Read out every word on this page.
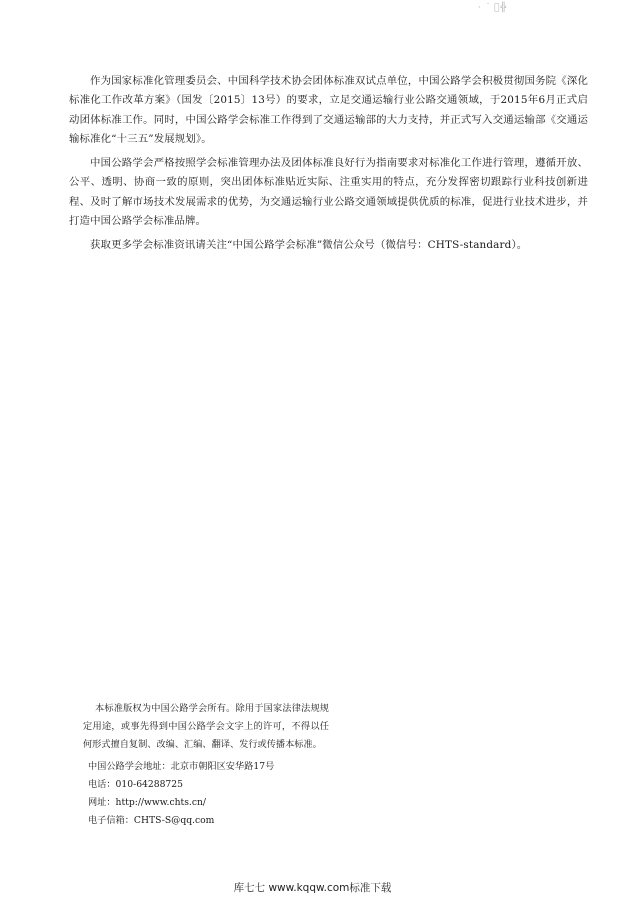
· ˙ ﾞ╬

作为国家标准化管理委员会、中国科学技术协会团体标准双试点单位，中国公路学会积极贯彻国务院《深化标准化工作改革方案》（国发〔2015〕13号）的要求，立足交通运输行业公路交通领域，于2015年6月正式启动团体标准工作。同时，中国公路学会标准工作得到了交通运输部的大力支持，并正式写入交通运输部《交通运输标准化“十三五”发展规划》。

中国公路学会严格按照学会标准管理办法及团体标准良好行为指南要求对标准化工作进行管理，遵循开放、公平、透明、协商一致的原则，突出团体标准贴近实际、注重实用的特点，充分发挥密切跟踪行业科技创新进程、及时了解市场技术发展需求的优势，为交通运输行业公路交通领域提供优质的标准，促进行业技术进步，并打造中国公路学会标准品牌。

获取更多学会标准资讯请关注“中国公路学会标准”微信公众号（微信号：CHTS-standard）。

本标准版权为中国公路学会所有。除用于国家法律法规规定用途，或事先得到中国公路学会文字上的许可，不得以任何形式擅自复制、改编、汇编、翻译、发行或传播本标准。

中国公路学会地址：北京市朝阳区安华路17号

电话：010-64288725

网址：http://www.chts.cn/

电子信箱：CHTS-S@qq.com

库七七 www.kqqw.com标准下载
